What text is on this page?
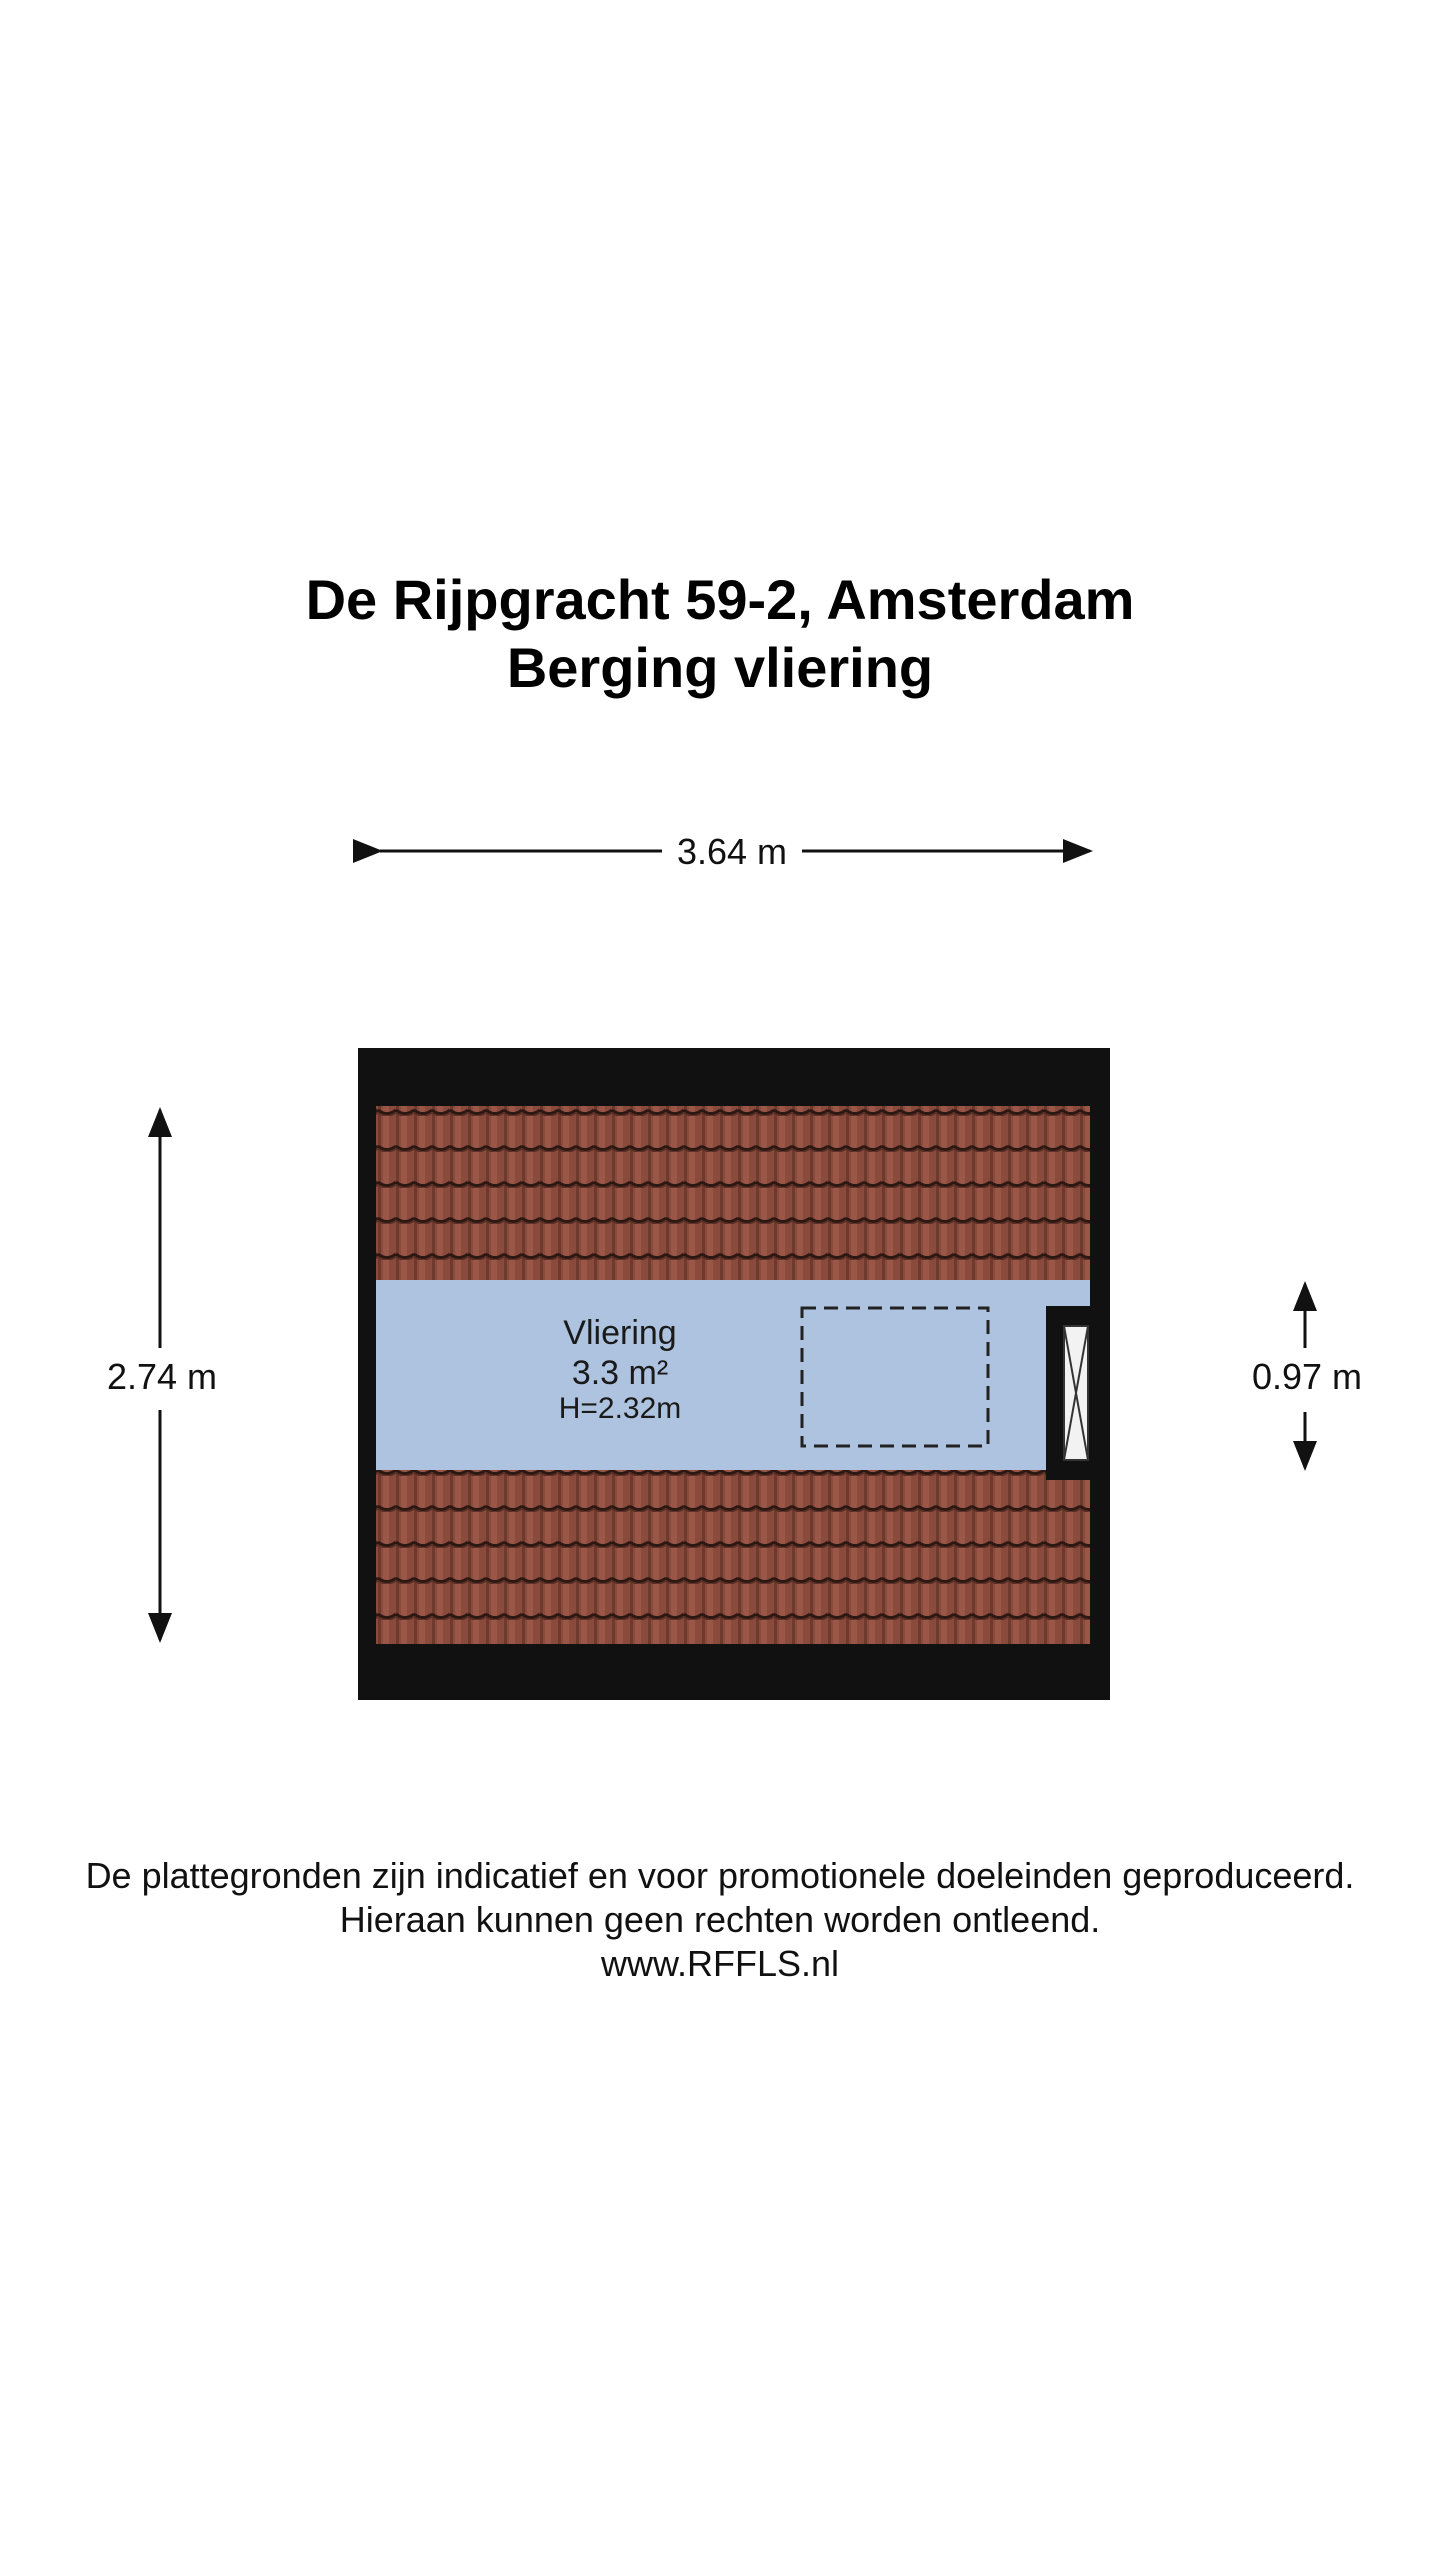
De Rijpgracht 59-2, Amsterdam
Berging vliering
3.64 m
2.74 m	0.97 m
Vliering
3.3 m²
H=2.32m
De plattegronden zijn indicatief en voor promotionele doeleinden geproduceerd.
Hieraan kunnen geen rechten worden ontleend.
www.RFFLS.nl
